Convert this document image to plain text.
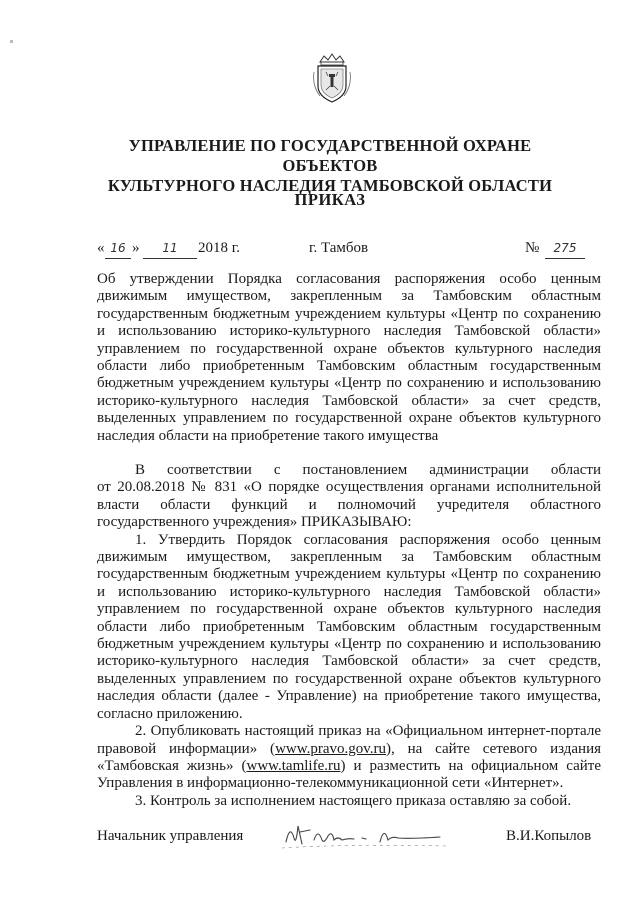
УПРАВЛЕНИЕ ПО ГОСУДАРСТВЕННОЙ ОХРАНЕ ОБЪЕКТОВ
КУЛЬТУРНОГО НАСЛЕДИЯ ТАМБОВСКОЙ ОБЛАСТИ
ПРИКАЗ
« 16 »	11	2018 г.	г. Тамбов	№	275
Об утверждении Порядка согласования распоряжения особо ценным
движимым имуществом, закрепленным за Тамбовским областным
государственным бюджетным учреждением культуры «Центр по сохранению
и использованию историко-культурного наследия Тамбовской области»
управлением по государственной охране объектов культурного наследия
области либо приобретенным Тамбовским областным государственным
бюджетным учреждением культуры «Центр по сохранению и использованию
историко-культурного наследия Тамбовской области» за счет средств,
выделенных управлением по государственной охране объектов культурного
наследия области на приобретение такого имущества
В соответствии с постановлением администрации области
от 20.08.2018 № 831 «О порядке осуществления органами исполнительной
власти области функций и полномочий учредителя областного
государственного учреждения» ПРИКАЗЫВАЮ:
1. Утвердить Порядок согласования распоряжения особо ценным
движимым имуществом, закрепленным за Тамбовским областным
государственным бюджетным учреждением культуры «Центр по сохранению
и использованию историко-культурного наследия Тамбовской области»
управлением по государственной охране объектов культурного наследия
области либо приобретенным Тамбовским областным государственным
бюджетным учреждением культуры «Центр по сохранению и использованию
историко-культурного наследия Тамбовской области» за счет средств,
выделенных управлением по государственной охране объектов культурного
наследия области (далее - Управление) на приобретение такого имущества,
согласно приложению.
2. Опубликовать настоящий приказ на «Официальном интернет-портале
правовой информации» (www.pravo.gov.ru), на сайте сетевого издания
«Тамбовская жизнь» (www.tamlife.ru) и разместить на официальном сайте
Управления в информационно-телекоммуникационной сети «Интернет».
3. Контроль за исполнением настоящего приказа оставляю за собой.
Начальник управления	В.И.Копылов
